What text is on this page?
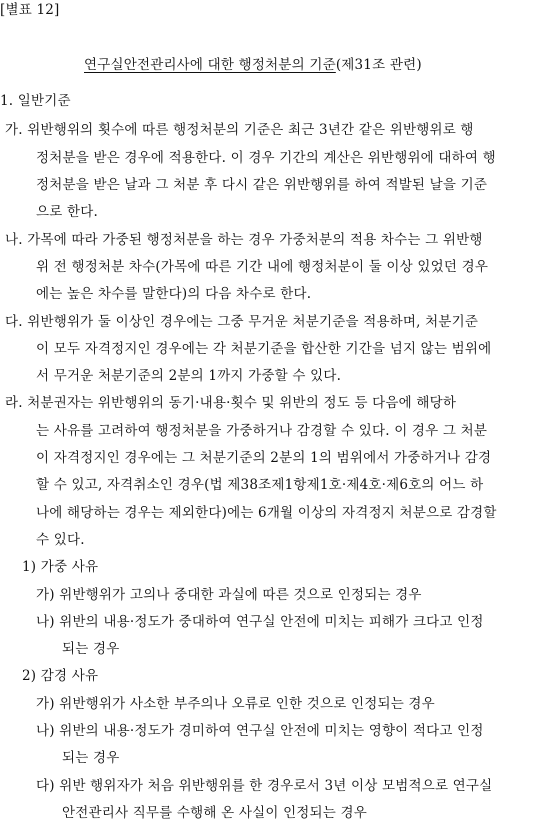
[별표 12]
연구실안전관리사에 대한 행정처분의 기준(제31조 관련)
1. 일반기준
가. 위반행위의 횟수에 따른 행정처분의 기준은 최근 3년간 같은 위반행위로 행
정처분을 받은 경우에 적용한다. 이 경우 기간의 계산은 위반행위에 대하여 행
정처분을 받은 날과 그 처분 후 다시 같은 위반행위를 하여 적발된 날을 기준
으로 한다.
나. 가목에 따라 가중된 행정처분을 하는 경우 가중처분의 적용 차수는 그 위반행
위 전 행정처분 차수(가목에 따른 기간 내에 행정처분이 둘 이상 있었던 경우
에는 높은 차수를 말한다)의 다음 차수로 한다.
다. 위반행위가 둘 이상인 경우에는 그중 무거운 처분기준을 적용하며, 처분기준
이 모두 자격정지인 경우에는 각 처분기준을 합산한 기간을 넘지 않는 범위에
서 무거운 처분기준의 2분의 1까지 가중할 수 있다.
라. 처분권자는 위반행위의 동기·내용·횟수 및 위반의 정도 등 다음에 해당하
는 사유를 고려하여 행정처분을 가중하거나 감경할 수 있다. 이 경우 그 처분
이 자격정지인 경우에는 그 처분기준의 2분의 1의 범위에서 가중하거나 감경
할 수 있고, 자격취소인 경우(법 제38조제1항제1호·제4호·제6호의 어느 하
나에 해당하는 경우는 제외한다)에는 6개월 이상의 자격정지 처분으로 감경할
수 있다.
1) 가중 사유
가) 위반행위가 고의나 중대한 과실에 따른 것으로 인정되는 경우
나) 위반의 내용·정도가 중대하여 연구실 안전에 미치는 피해가 크다고 인정
되는 경우
2) 감경 사유
가) 위반행위가 사소한 부주의나 오류로 인한 것으로 인정되는 경우
나) 위반의 내용·정도가 경미하여 연구실 안전에 미치는 영향이 적다고 인정
되는 경우
다) 위반 행위자가 처음 위반행위를 한 경우로서 3년 이상 모범적으로 연구실
안전관리사 직무를 수행해 온 사실이 인정되는 경우
